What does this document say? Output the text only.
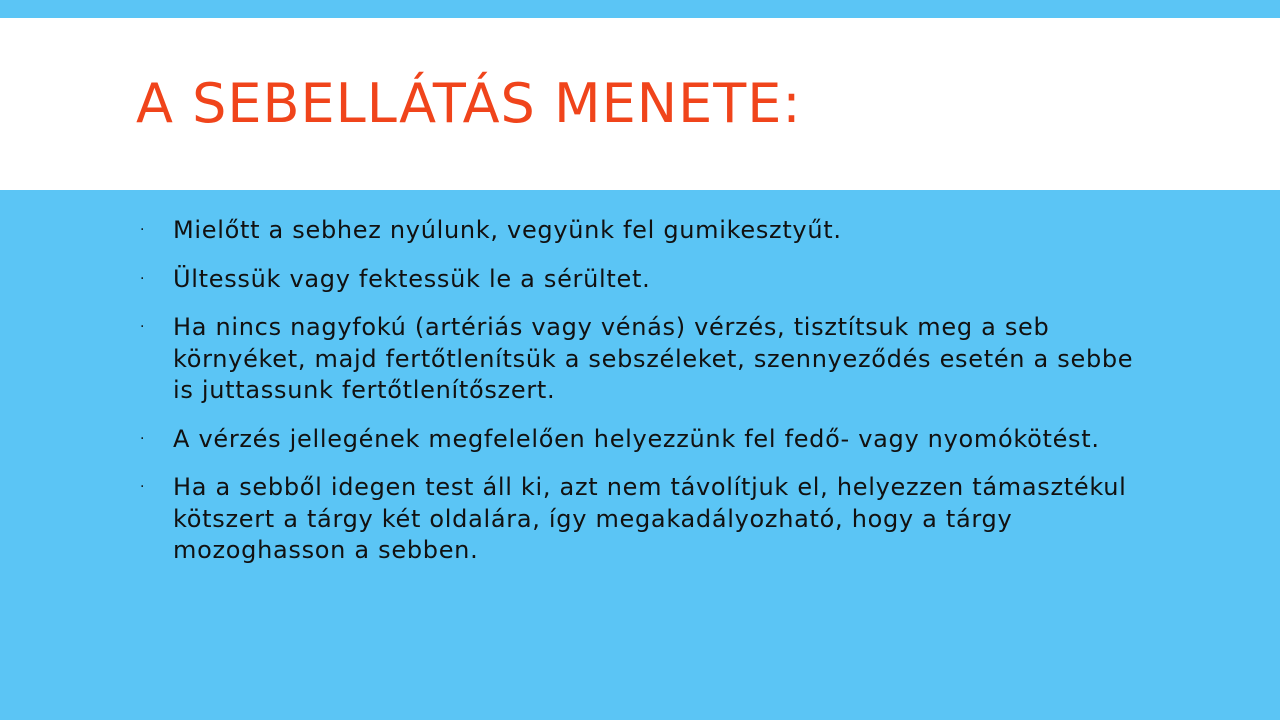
A SEBELLÁTÁS MENETE:
· Mielőtt a sebhez nyúlunk, vegyünk fel gumikesztyűt.
· Ültessük vagy fektessük le a sérültet.
· Ha nincs nagyfokú (artériás vagy vénás) vérzés, tisztítsuk meg a seb környéket, majd fertőtlenítsük a sebszéleket, szennyeződés esetén a sebbe is juttassunk fertőtlenítőszert.
· A vérzés jellegének megfelelően helyezzünk fel fedő- vagy nyomókötést.
· Ha a sebből idegen test áll ki, azt nem távolítjuk el, helyezzen támasztékul kötszert a tárgy két oldalára, így megakadályozható, hogy a tárgy mozoghasson a sebben.
